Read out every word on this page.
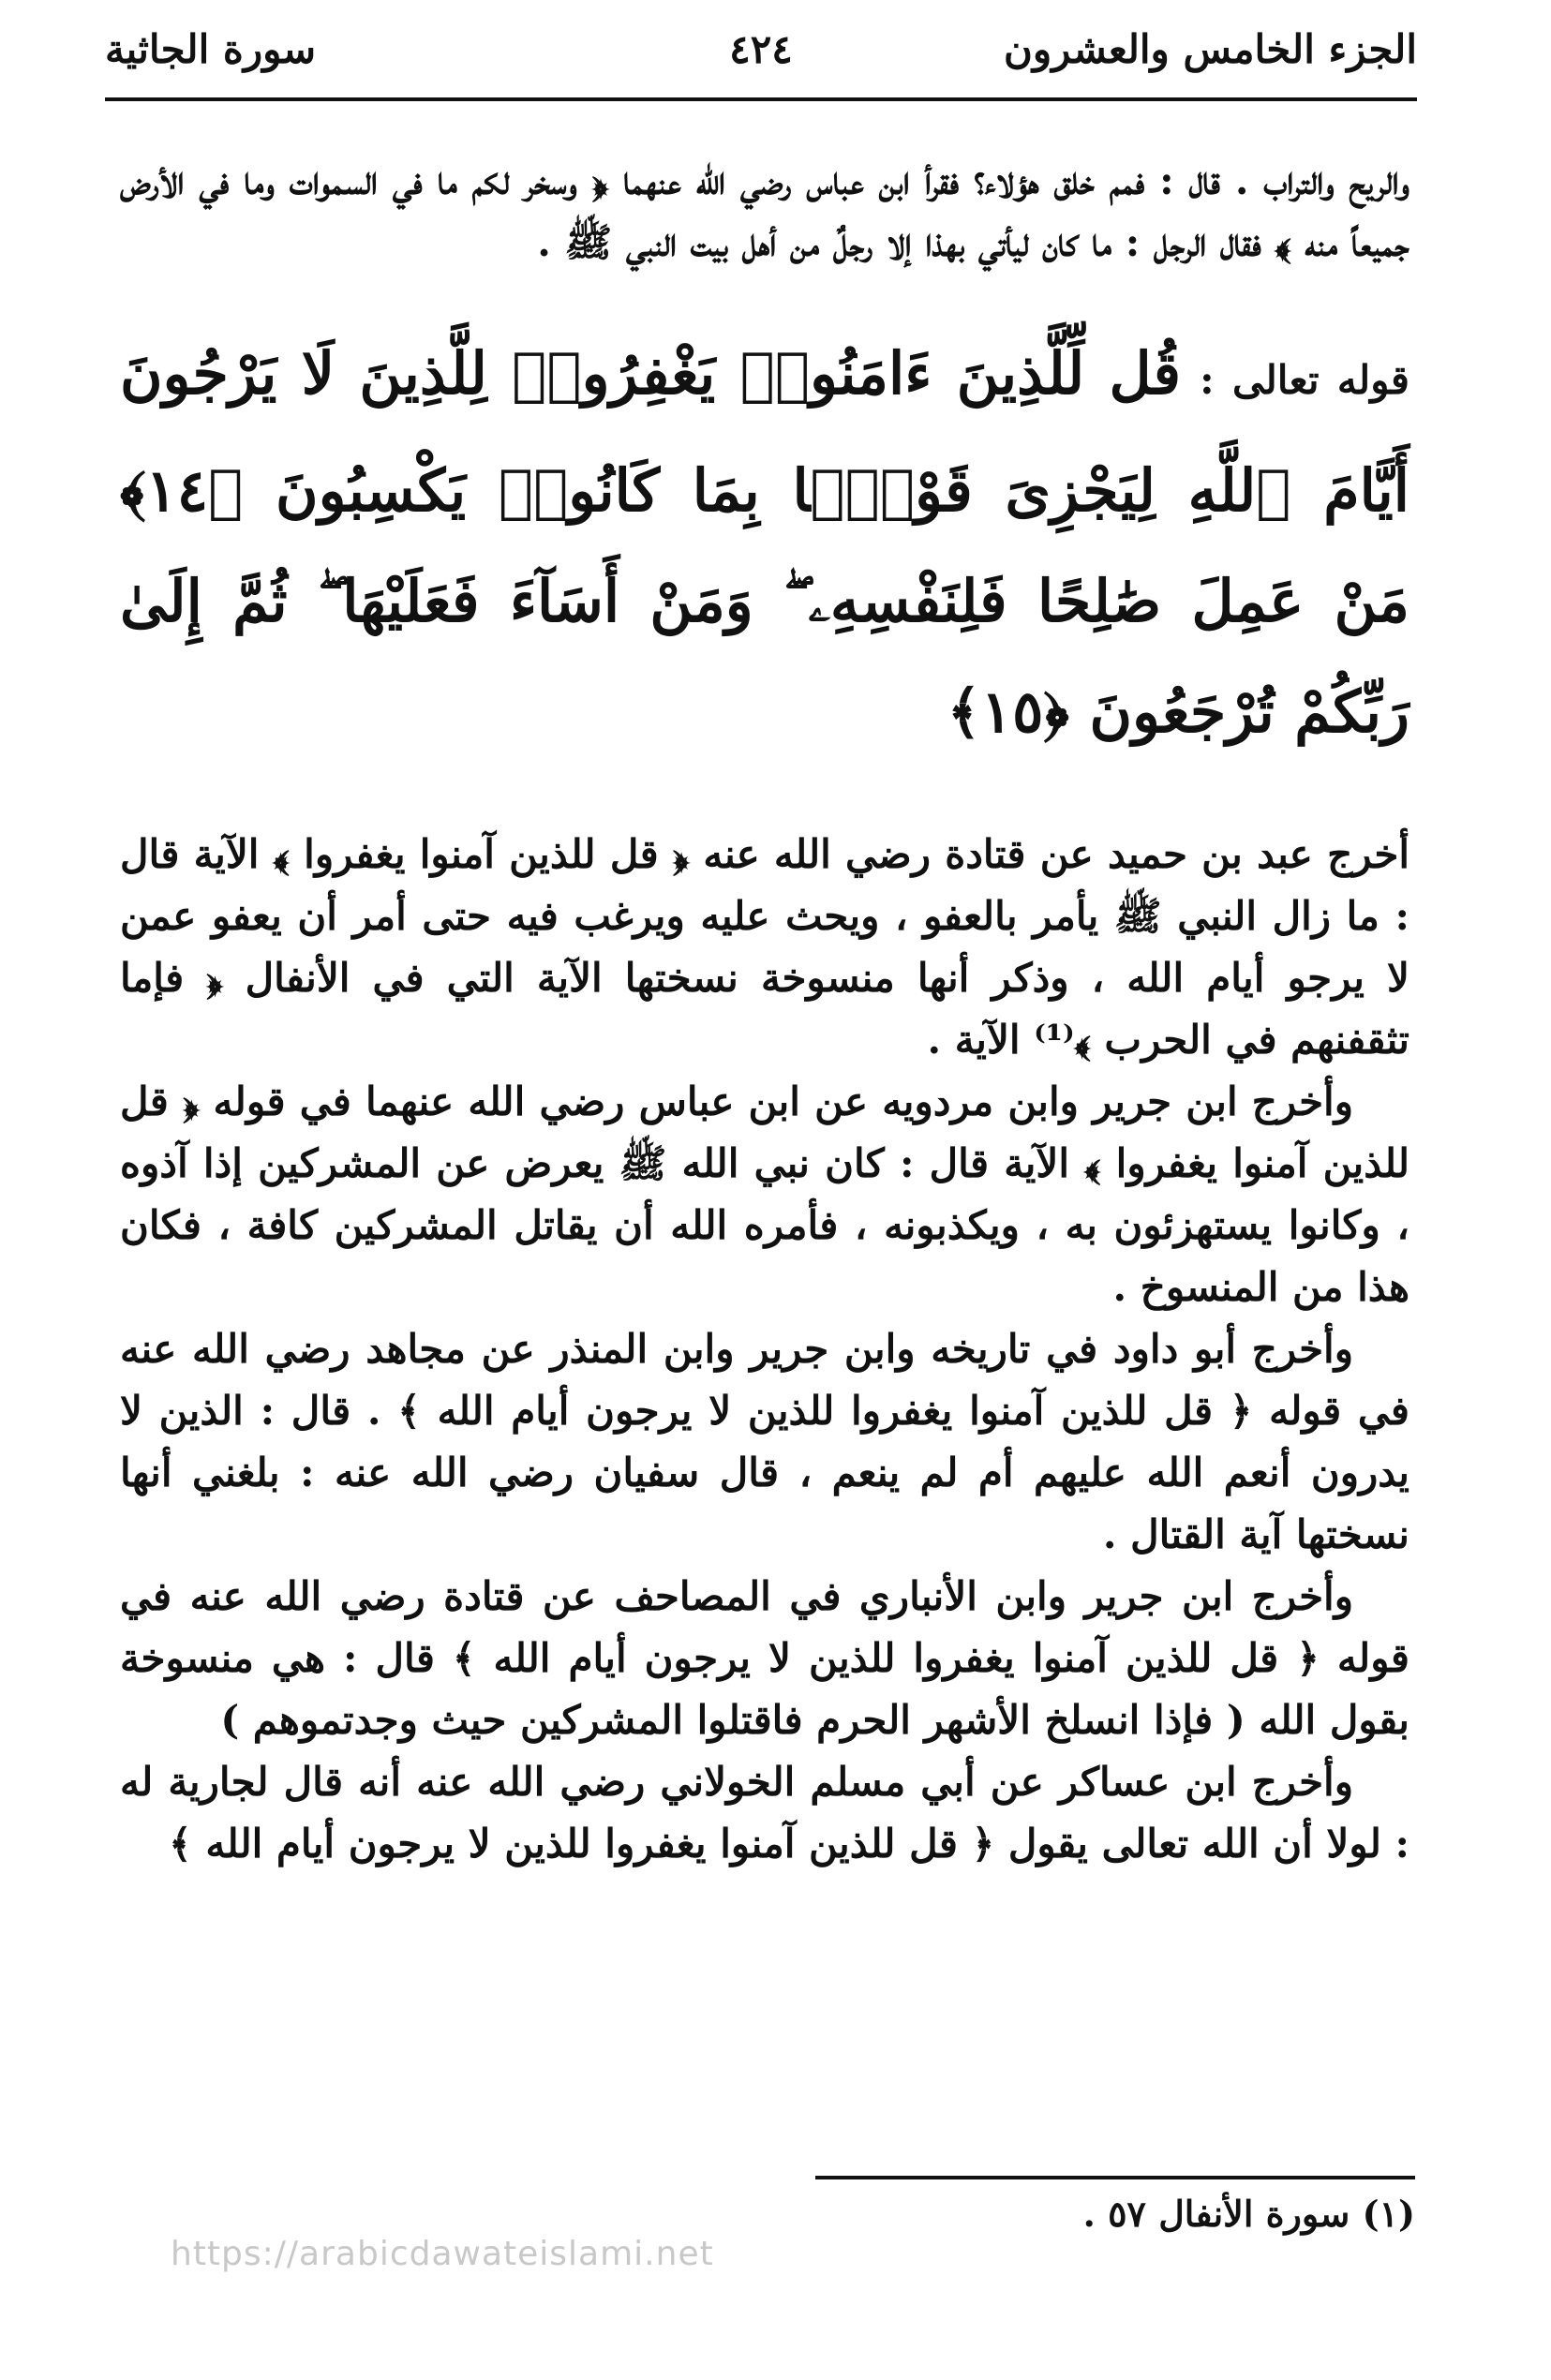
الجزء الخامس والعشرون
٤٢٤
سورة الجاثية

والريح والتراب . قال : فمم خلق هؤلاء؟ فقرأ ابن عباس رضي الله عنهما ﴿ وسخر لكم ما في السموات وما في الأرض جميعاً منه ﴾ فقال الرجل : ما كان ليأتي بهذا إلا رجلٌ من أهل بيت النبي ﷺ .

قوله تعالى :قُل لِّلَّذِينَ ءَامَنُوا۟ يَغْفِرُوا۟ لِلَّذِينَ لَا يَرْجُونَ أَيَّامَ ٱللَّهِ لِيَجْزِىَ قَوْمًۢا بِمَا كَانُوا۟ يَكْسِبُونَ ﴿١٤﴾ مَنْ عَمِلَ صَٰلِحًا فَلِنَفْسِهِۦ ۖ وَمَنْ أَسَآءَ فَعَلَيْهَا ۖ ثُمَّ إِلَىٰ رَبِّكُمْ تُرْجَعُونَ ﴿١٥﴾

أخرج عبد بن حميد عن قتادة رضي الله عنه ﴿ قل للذين آمنوا يغفروا ﴾ الآية قال : ما زال النبي ﷺ يأمر بالعفو ، ويحث عليه ويرغب فيه حتى أمر أن يعفو عمن لا يرجو أيام الله ، وذكر أنها منسوخة نسختها الآية التي في الأنفال ﴿ فإما تثقفنهم في الحرب ﴾⁽¹⁾ الآية .

وأخرج ابن جرير وابن مردويه عن ابن عباس رضي الله عنهما في قوله ﴿ قل للذين آمنوا يغفروا ﴾ الآية قال : كان نبي الله ﷺ يعرض عن المشركين إذا آذوه ، وكانوا يستهزئون به ، ويكذبونه ، فأمره الله أن يقاتل المشركين كافة ، فكان هذا من المنسوخ .

وأخرج أبو داود في تاريخه وابن جرير وابن المنذر عن مجاهد رضي الله عنه في قوله ﴿ قل للذين آمنوا يغفروا للذين لا يرجون أيام الله ﴾ . قال : الذين لا يدرون أنعم الله عليهم أم لم ينعم ، قال سفيان رضي الله عنه : بلغني أنها نسختها آية القتال .

وأخرج ابن جرير وابن الأنباري في المصاحف عن قتادة رضي الله عنه في قوله ﴿ قل للذين آمنوا يغفروا للذين لا يرجون أيام الله ﴾ قال : هي منسوخة بقول الله ( فإذا انسلخ الأشهر الحرم فاقتلوا المشركين حيث وجدتموهم )

وأخرج ابن عساكر عن أبي مسلم الخولاني رضي الله عنه أنه قال لجارية له : لولا أن الله تعالى يقول ﴿ قل للذين آمنوا يغفروا للذين لا يرجون أيام الله ﴾

(١) سورة الأنفال ٥٧ .
https://arabicdawateislami.net
